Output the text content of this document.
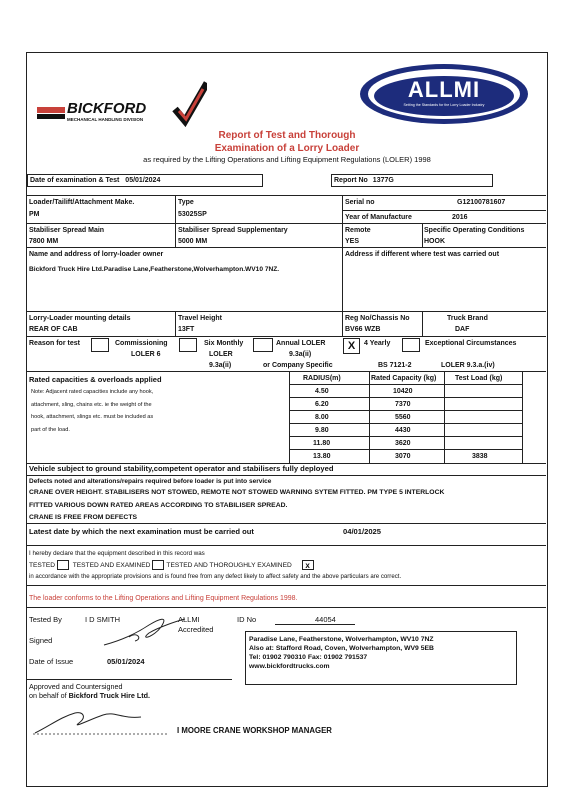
BICKFORD
MECHANICAL HANDLING DIVISION
ALLMI
Setting the Standards for the Lorry Loader Industry
Report of Test and Thorough
Examination of a Lorry Loader
as required by the Lifting Operations and Lifting Equipment Regulations (LOLER) 1998
Date of examination & Test 05/01/2024	Report No 1377G
Loader/Tailift/Attachment Make.
PM
Type
53025SP
Serial no	G12100781607
Year of Manufacture	2016
Stabiliser Spread Main
7800 MM
Stabiliser Spread Supplementary
5000 MM
Remote
YES
Specific Operating Conditions
HOOK
Name and address of lorry-loader owner
Bickford Truck Hire Ltd.Paradise Lane,Featherstone,Wolverhampton.WV10 7NZ.
Address if different where test was carried out
Lorry-Loader mounting details
REAR OF CAB
Travel Height
13FT
Reg No/Chassis No
BV66 WZB
Truck Brand
DAF
Reason for test	Commissioning
LOLER 6
Six Monthly
LOLER
9.3a(ii)
Annual LOLER
9.3a(ii)
or Company Specific
X	4 Yearly
BS 7121-2
Exceptional Circumstances
LOLER 9.3.a.(iv)
Rated capacities & overloads applied
Note: Adjacent rated capacities include any hook,
attachment, sling, chains etc. ie the weight of the
hook, attachment, slings etc. must be included as
part of the load.
RADIUS(m)	Rated Capacity (kg)	Test Load (kg)
4.50	10420
6.20	7370
8.00	5560
9.80	4430
11.80	3620
13.80	3070	3838
Vehicle subject to ground stability,competent operator and stabilisers fully deployed
Defects noted and alterations/repairs required before loader is put into service
CRANE OVER HEIGHT. STABILISERS NOT STOWED, REMOTE NOT STOWED WARNING SYTEM FITTED. PM TYPE 5 INTERLOCK
FITTED VARIOUS DOWN RATED AREAS ACCORDING TO STABILISER SPREAD.
CRANE IS FREE FROM DEFECTS
Latest date by which the next examination must be carried out	04/01/2025
I hereby declare that the equipment described in this record was
TESTED	TESTED AND EXAMINED TESTED AND THOROUGHLY EXAMINED x
in accordance with the appropriate provisions and is found free from any defect likely to affect safety and the above particulars are correct.
The loader conforms to the Lifting Operations and Lifting Equipment Regulations 1998.
Tested By	I D SMITH	ALLMI
Accredited
ID No	44054
Signed
Date of Issue	05/01/2024
Paradise Lane, Featherstone, Wolverhampton, WV10 7NZ
Also at: Stafford Road, Coven, Wolverhampton, WV9 5EB
Tel: 01902 790310 Fax: 01902 791537
www.bickfordtrucks.com
Approved and Countersigned
on behalf of Bickford Truck Hire Ltd.
I MOORE CRANE WORKSHOP MANAGER
